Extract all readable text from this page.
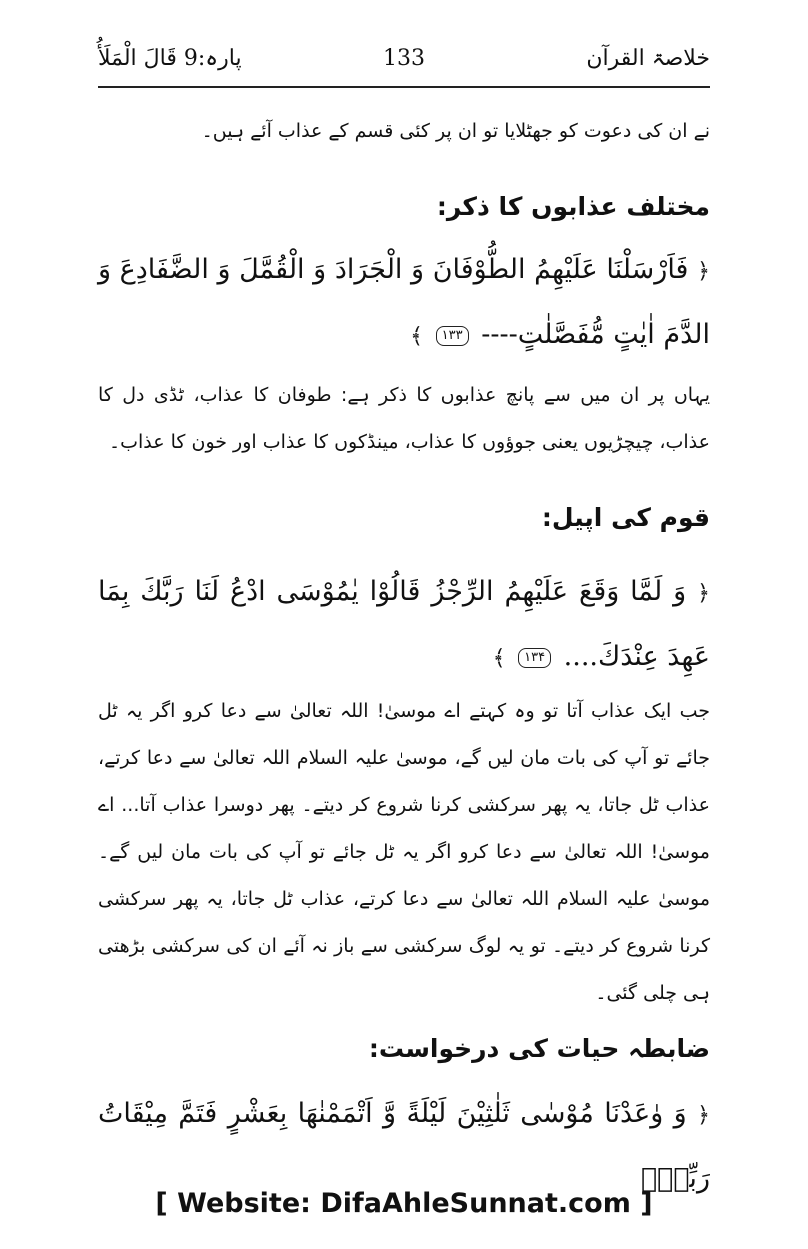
خلاصۃ القرآن
133
پارہ:9 قَالَ الْمَلَأُ
نے ان کی دعوت کو جھٹلایا تو ان پر کئی قسم کے عذاب آئے ہیں۔
مختلف عذابوں کا ذکر:
﴿ فَاَرْسَلْنَا عَلَيْهِمُ الطُّوْفَانَ وَ الْجَرَادَ وَ الْقُمَّلَ وَ الضَّفَادِعَ وَ الدَّمَ اٰيٰتٍ مُّفَصَّلٰتٍ---- ۱۳۳ ﴾
یہاں پر ان میں سے پانچ عذابوں کا ذکر ہے: طوفان کا عذاب، ٹڈی دل کا عذاب، چیچڑیوں یعنی جوؤوں کا عذاب، مینڈکوں کا عذاب اور خون کا عذاب۔
قوم کی اپیل:
﴿ وَ لَمَّا وَقَعَ عَلَيْهِمُ الرِّجْزُ قَالُوْا يٰمُوْسَى ادْعُ لَنَا رَبَّكَ بِمَا عَهِدَ عِنْدَكَ.... ۱۳۴ ﴾
جب ایک عذاب آتا تو وہ کہتے اے موسیٰ! اللہ تعالیٰ سے دعا کرو اگر یہ ٹل جائے تو آپ کی بات مان لیں گے، موسیٰ علیہ السلام اللہ تعالیٰ سے دعا کرتے، عذاب ٹل جاتا، یہ پھر سرکشی کرنا شروع کر دیتے۔ پھر دوسرا عذاب آتا... اے موسیٰ! اللہ تعالیٰ سے دعا کرو اگر یہ ٹل جائے تو آپ کی بات مان لیں گے۔ موسیٰ علیہ السلام اللہ تعالیٰ سے دعا کرتے، عذاب ٹل جاتا، یہ پھر سرکشی کرنا شروع کر دیتے۔ تو یہ لوگ سرکشی سے باز نہ آئے ان کی سرکشی بڑھتی ہی چلی گئی۔
ضابطہ حیات کی درخواست:
﴿ وَ وٰعَدْنَا مُوْسٰى ثَلٰثِيْنَ لَيْلَةً وَّ اَتْمَمْنٰهَا بِعَشْرٍ فَتَمَّ مِيْقَاتُ رَبِّهٖٓ
[ Website: DifaAhleSunnat.com ]
